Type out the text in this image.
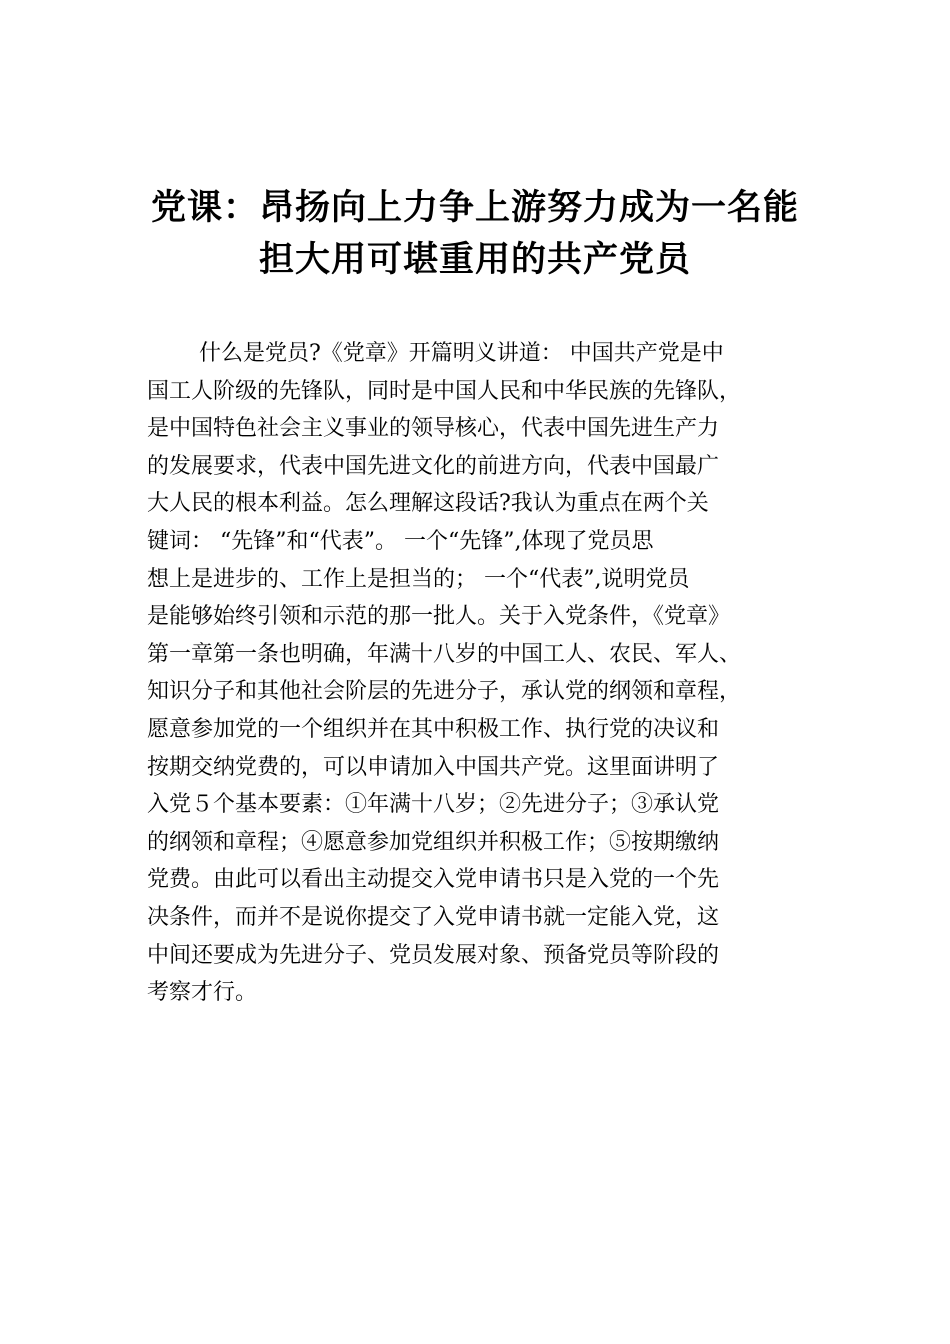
党课：昂扬向上力争上游努力成为一名能
担大用可堪重用的共产党员
什么是党员?《党章》开篇明义讲道： 中国共产党是中
国工人阶级的先锋队，同时是中国人民和中华民族的先锋队，
是中国特色社会主义事业的领导核心，代表中国先进生产力
的发展要求，代表中国先进文化的前进方向，代表中国最广
大人民的根本利益。怎么理解这段话?我认为重点在两个关
键词： “先锋”和“代表”。 一个“先锋”,体现了党员思
想上是进步的、工作上是担当的； 一个“代表”,说明党员
是能够始终引领和示范的那一批人。关于入党条件，《党章》
第一章第一条也明确，年满十八岁的中国工人、农民、军人、
知识分子和其他社会阶层的先进分子，承认党的纲领和章程，
愿意参加党的一个组织并在其中积极工作、执行党的决议和
按期交纳党费的，可以申请加入中国共产党。这里面讲明了
入党５个基本要素：①年满十八岁；②先进分子；③承认党
的纲领和章程；④愿意参加党组织并积极工作；⑤按期缴纳
党费。由此可以看出主动提交入党申请书只是入党的一个先
决条件，而并不是说你提交了入党申请书就一定能入党，这
中间还要成为先进分子、党员发展对象、预备党员等阶段的
考察才行。
